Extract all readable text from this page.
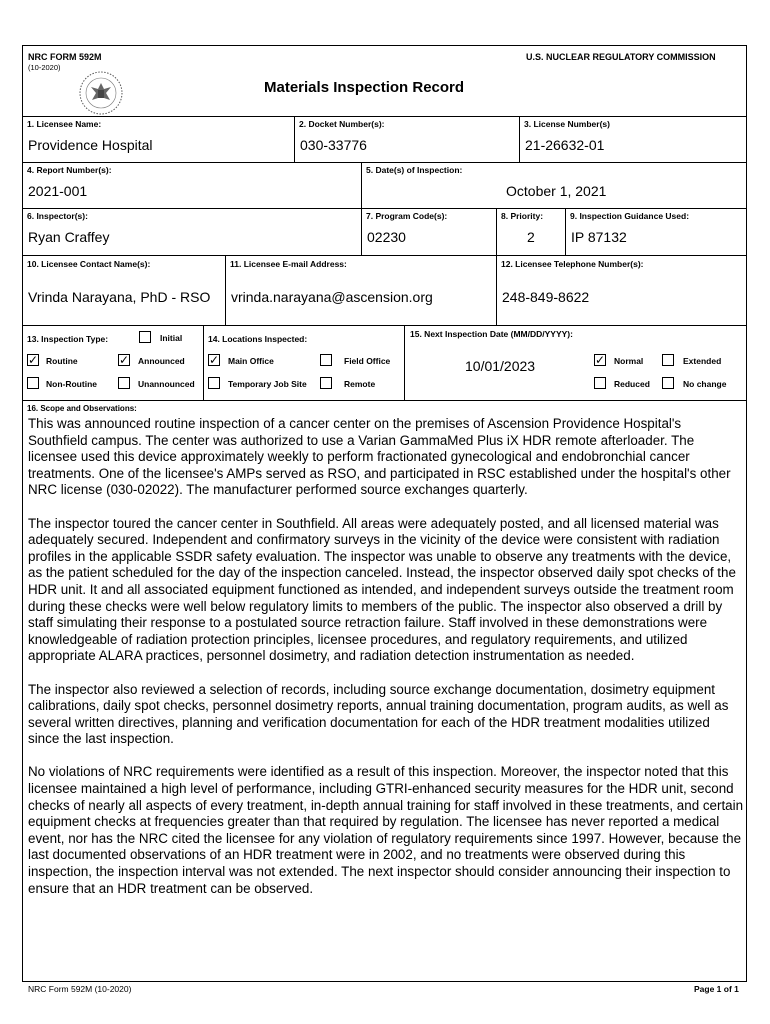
NRC FORM 592M
(10-2020)
U.S. NUCLEAR REGULATORY COMMISSION
Materials Inspection Record
1. Licensee Name:
Providence Hospital
2. Docket Number(s):
030-33776
3. License Number(s)
21-26632-01
4. Report Number(s):
2021-001
5. Date(s) of Inspection:
October 1, 2021
6. Inspector(s):
Ryan Craffey
7. Program Code(s):
02230
8. Priority:
2
9. Inspection Guidance Used:
IP 87132
10. Licensee Contact Name(s):
Vrinda Narayana, PhD - RSO
11. Licensee E-mail Address:
vrinda.narayana@ascension.org
12. Licensee Telephone Number(s):
248-849-8622
13. Inspection Type:	Initial
✓ Routine	✓ Announced
Non-Routine	Unannounced
14. Locations Inspected:
✓ Main Office	Field Office
Temporary Job Site	Remote
15. Next Inspection Date (MM/DD/YYYY):
10/01/2023	✓ Normal	Extended
Reduced	No change
16. Scope and Observations:

This was announced routine inspection of a cancer center on the premises of Ascension Providence Hospital's Southfield campus. The center was authorized to use a Varian GammaMed Plus iX HDR remote afterloader. The licensee used this device approximately weekly to perform fractionated gynecological and endobronchial cancer treatments. One of the licensee's AMPs served as RSO, and participated in RSC established under the hospital's other NRC license (030-02022). The manufacturer performed source exchanges quarterly.

The inspector toured the cancer center in Southfield. All areas were adequately posted, and all licensed material was adequately secured. Independent and confirmatory surveys in the vicinity of the device were consistent with radiation profiles in the applicable SSDR safety evaluation. The inspector was unable to observe any treatments with the device, as the patient scheduled for the day of the inspection canceled. Instead, the inspector observed daily spot checks of the HDR unit. It and all associated equipment functioned as intended, and independent surveys outside the treatment room during these checks were well below regulatory limits to members of the public. The inspector also observed a drill by staff simulating their response to a postulated source retraction failure. Staff involved in these demonstrations were knowledgeable of radiation protection principles, licensee procedures, and regulatory requirements, and utilized appropriate ALARA practices, personnel dosimetry, and radiation detection instrumentation as needed.

The inspector also reviewed a selection of records, including source exchange documentation, dosimetry equipment calibrations, daily spot checks, personnel dosimetry reports, annual training documentation, program audits, as well as several written directives, planning and verification documentation for each of the HDR treatment modalities utilized since the last inspection.

No violations of NRC requirements were identified as a result of this inspection. Moreover, the inspector noted that this licensee maintained a high level of performance, including GTRI-enhanced security measures for the HDR unit, second checks of nearly all aspects of every treatment, in-depth annual training for staff involved in these treatments, and certain equipment checks at frequencies greater than that required by regulation. The licensee has never reported a medical event, nor has the NRC cited the licensee for any violation of regulatory requirements since 1997. However, because the last documented observations of an HDR treatment were in 2002, and no treatments were observed during this inspection, the inspection interval was not extended. The next inspector should consider announcing their inspection to ensure that an HDR treatment can be observed.

NRC Form 592M (10-2020)	Page 1 of 1
